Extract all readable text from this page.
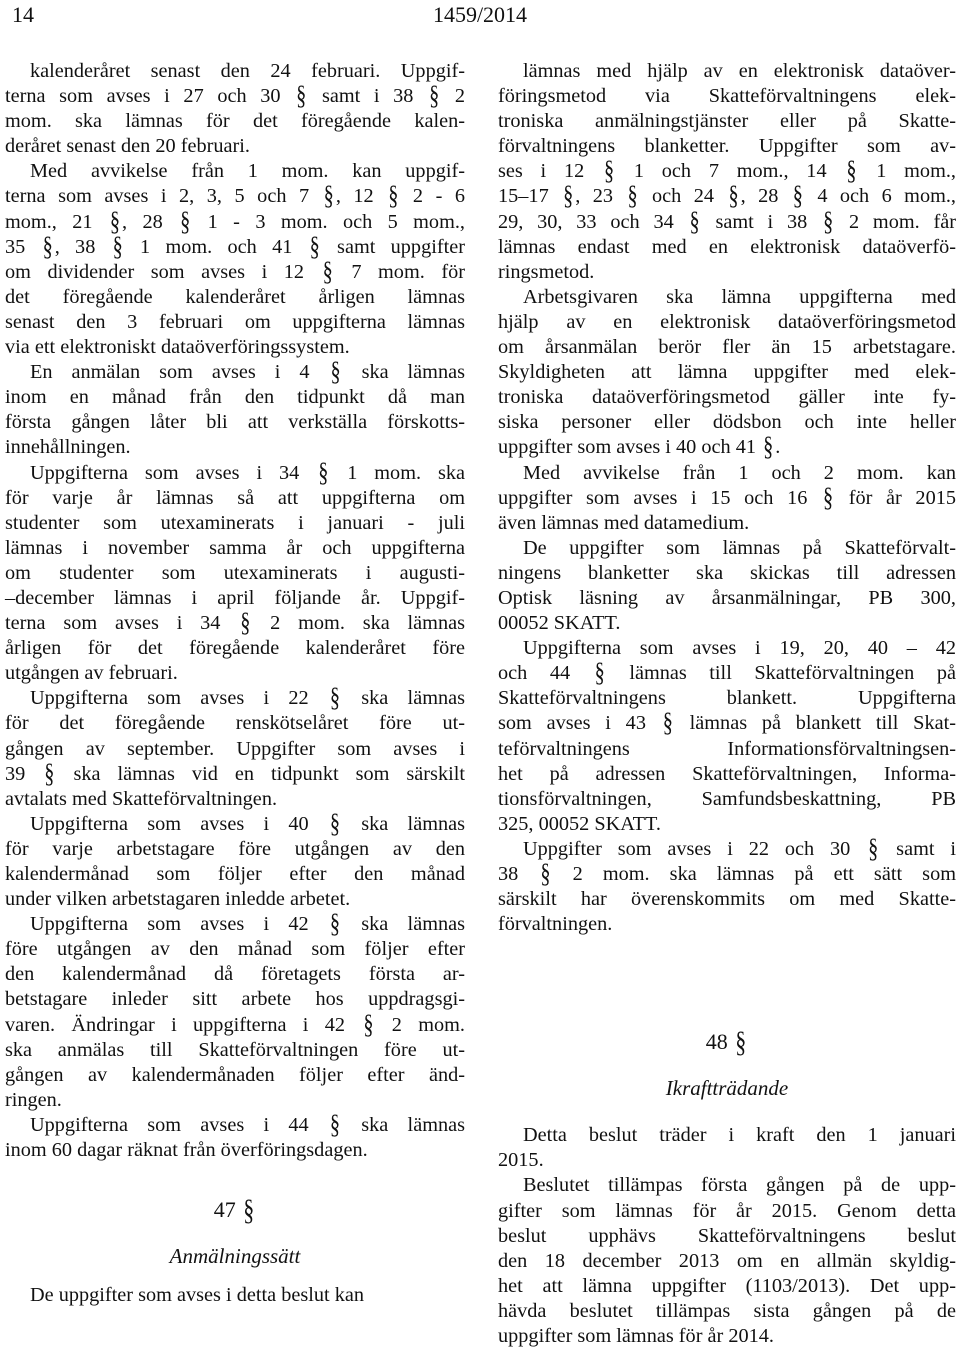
14	1459/2014
kalenderåret senast den 24 februari. Uppgif-
terna som avses i 27 och 30 § samt i 38 § 2
mom. ska lämnas för det föregående kalen-
deråret senast den 20 februari.
Med avvikelse från 1 mom. kan uppgif-
terna som avses i 2, 3, 5 och 7 §, 12 § 2 - 6
mom., 21 §, 28 § 1 - 3 mom. och 5 mom.,
35 §, 38 § 1 mom. och 41 § samt uppgifter
om dividender som avses i 12 § 7 mom. för
det föregående kalenderåret årligen lämnas
senast den 3 februari om uppgifterna lämnas
via ett elektroniskt dataöverföringssystem.
En anmälan som avses i 4 § ska lämnas
inom en månad från den tidpunkt då man
första gången låter bli att verkställa förskotts-
innehållningen.
Uppgifterna som avses i 34 § 1 mom. ska
för varje år lämnas så att uppgifterna om
studenter som utexaminerats i januari - juli
lämnas i november samma år och uppgifterna
om studenter som utexaminerats i augusti-
–december lämnas i april följande år. Uppgif-
terna som avses i 34 § 2 mom. ska lämnas
årligen för det föregående kalenderåret före
utgången av februari.
Uppgifterna som avses i 22 § ska lämnas
för det föregående renskötselåret före ut-
gången av september. Uppgifter som avses i
39 § ska lämnas vid en tidpunkt som särskilt
avtalats med Skatteförvaltningen.
Uppgifterna som avses i 40 § ska lämnas
för varje arbetstagare före utgången av den
kalendermånad som följer efter den månad
under vilken arbetstagaren inledde arbetet.
Uppgifterna som avses i 42 § ska lämnas
före utgången av den månad som följer efter
den kalendermånad då företagets första ar-
betstagare inleder sitt arbete hos uppdragsgi-
varen. Ändringar i uppgifterna i 42 § 2 mom.
ska anmälas till Skatteförvaltningen före ut-
gången av kalendermånaden följer efter änd-
ringen.
Uppgifterna som avses i 44 § ska lämnas
inom 60 dagar räknat från överföringsdagen.
47 §
Anmälningssätt
De uppgifter som avses i detta beslut kan
lämnas med hjälp av en elektronisk dataöver-
föringsmetod via Skatteförvaltningens elek-
troniska anmälningstjänster eller på Skatte-
förvaltningens blanketter. Uppgifter som av-
ses i 12 § 1 och 7 mom., 14 § 1 mom.,
15–17 §, 23 § och 24 §, 28 § 4 och 6 mom.,
29, 30, 33 och 34 § samt i 38 § 2 mom. får
lämnas endast med en elektronisk dataöverfö-
ringsmetod.
Arbetsgivaren ska lämna uppgifterna med
hjälp av en elektronisk dataöverföringsmetod
om årsanmälan berör fler än 15 arbetstagare.
Skyldigheten att lämna uppgifter med elek-
troniska dataöverföringsmetod gäller inte fy-
siska personer eller dödsbon och inte heller
uppgifter som avses i 40 och 41 §.
Med avvikelse från 1 och 2 mom. kan
uppgifter som avses i 15 och 16 § för år 2015
även lämnas med datamedium.
De uppgifter som lämnas på Skatteförvalt-
ningens blanketter ska skickas till adressen
Optisk läsning av årsanmälningar, PB 300,
00052 SKATT.
Uppgifterna som avses i 19, 20, 40 – 42
och 44 § lämnas till Skatteförvaltningen på
Skatteförvaltningens blankett. Uppgifterna
som avses i 43 § lämnas på blankett till Skat-
teförvaltningens Informationsförvaltningsen-
het på adressen Skatteförvaltningen, Informa-
tionsförvaltningen, Samfundsbeskattning, PB
325, 00052 SKATT.
Uppgifter som avses i 22 och 30 § samt i
38 § 2 mom. ska lämnas på ett sätt som
särskilt har överenskommits om med Skatte-
förvaltningen.
48 §
Ikraftträdande
Detta beslut träder i kraft den 1 januari
2015.
Beslutet tillämpas första gången på de upp-
gifter som lämnas för år 2015. Genom detta
beslut upphävs Skatteförvaltningens beslut
den 18 december 2013 om en allmän skyldig-
het att lämna uppgifter (1103/2013). Det upp-
hävda beslutet tillämpas sista gången på de
uppgifter som lämnas för år 2014.
